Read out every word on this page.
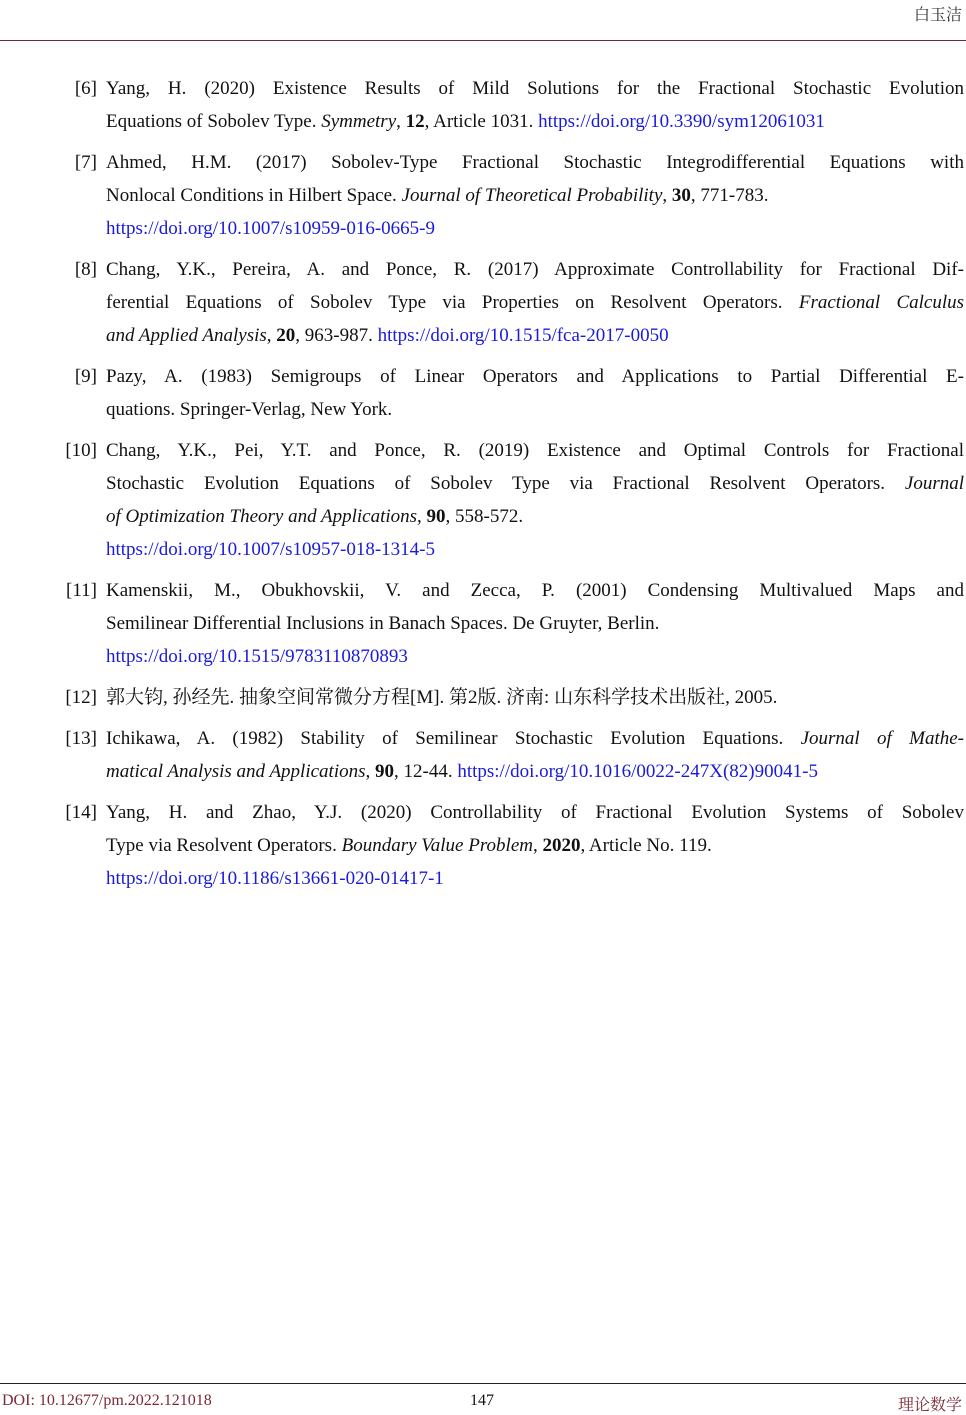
白玉洁
[6] Yang, H. (2020) Existence Results of Mild Solutions for the Fractional Stochastic Evolution
Equations of Sobolev Type. Symmetry, 12, Article 1031. https://doi.org/10.3390/sym12061031
[7] Ahmed, H.M. (2017) Sobolev-Type Fractional Stochastic Integrodifferential Equations with
Nonlocal Conditions in Hilbert Space. Journal of Theoretical Probability, 30, 771-783.
https://doi.org/10.1007/s10959-016-0665-9
[8] Chang, Y.K., Pereira, A. and Ponce, R. (2017) Approximate Controllability for Fractional Dif-
ferential Equations of Sobolev Type via Properties on Resolvent Operators. Fractional Calculus
and Applied Analysis, 20, 963-987. https://doi.org/10.1515/fca-2017-0050
[9] Pazy, A. (1983) Semigroups of Linear Operators and Applications to Partial Differential E-
quations. Springer-Verlag, New York.
[10] Chang, Y.K., Pei, Y.T. and Ponce, R. (2019) Existence and Optimal Controls for Fractional
Stochastic Evolution Equations of Sobolev Type via Fractional Resolvent Operators. Journal
of Optimization Theory and Applications, 90, 558-572.
https://doi.org/10.1007/s10957-018-1314-5
[11] Kamenskii, M., Obukhovskii, V. and Zecca, P. (2001) Condensing Multivalued Maps and
Semilinear Differential Inclusions in Banach Spaces. De Gruyter, Berlin.
https://doi.org/10.1515/9783110870893
[12] 郭大钧, 孙经先. 抽象空间常微分方程[M]. 第2版. 济南: 山东科学技术出版社, 2005.
[13] Ichikawa, A. (1982) Stability of Semilinear Stochastic Evolution Equations. Journal of Mathe-
matical Analysis and Applications, 90, 12-44. https://doi.org/10.1016/0022-247X(82)90041-5
[14] Yang, H. and Zhao, Y.J. (2020) Controllability of Fractional Evolution Systems of Sobolev
Type via Resolvent Operators. Boundary Value Problem, 2020, Article No. 119.
https://doi.org/10.1186/s13661-020-01417-1
DOI: 10.12677/pm.2022.121018	147	理论数学
